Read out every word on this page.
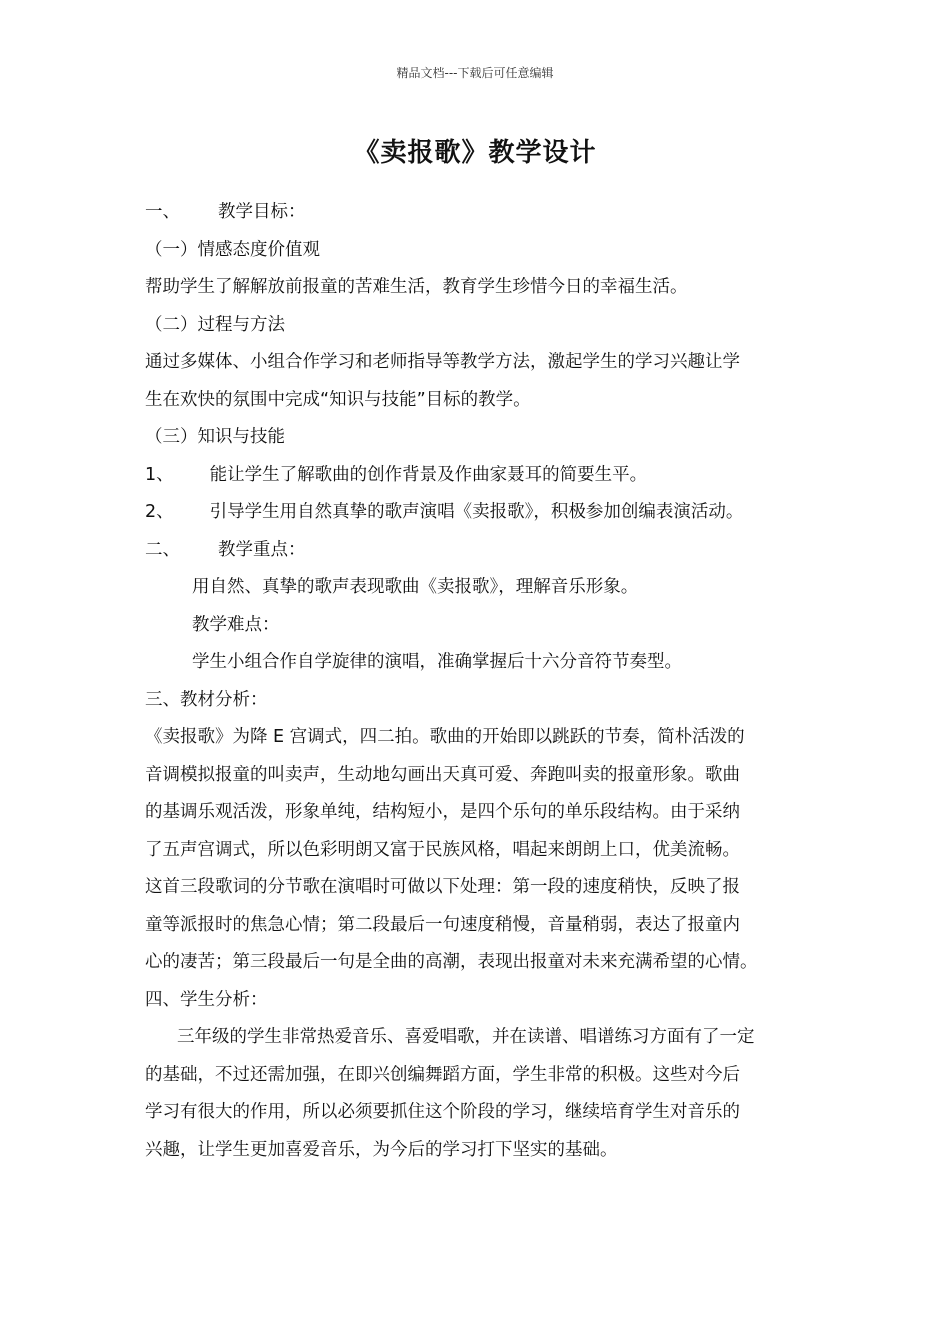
精品文档---下载后可任意编辑
《卖报歌》教学设计
一、 教学目标：
（一）情感态度价值观
帮助学生了解解放前报童的苦难生活，教育学生珍惜今日的幸福生活。
（二）过程与方法
通过多媒体、小组合作学习和老师指导等教学方法，激起学生的学习兴趣让学
生在欢快的氛围中完成“知识与技能”目标的教学。
（三）知识与技能
1、 能让学生了解歌曲的创作背景及作曲家聂耳的简要生平。
2、 引导学生用自然真挚的歌声演唱《卖报歌》，积极参加创编表演活动。
二、 教学重点：
用自然、真挚的歌声表现歌曲《卖报歌》，理解音乐形象。
教学难点：
学生小组合作自学旋律的演唱，准确掌握后十六分音符节奏型。
三、教材分析：
《卖报歌》为降 E 宫调式，四二拍。歌曲的开始即以跳跃的节奏，简朴活泼的
音调模拟报童的叫卖声，生动地勾画出天真可爱、奔跑叫卖的报童形象。歌曲
的基调乐观活泼，形象单纯，结构短小，是四个乐句的单乐段结构。由于采纳
了五声宫调式，所以色彩明朗又富于民族风格，唱起来朗朗上口，优美流畅。
这首三段歌词的分节歌在演唱时可做以下处理：第一段的速度稍快，反映了报
童等派报时的焦急心情；第二段最后一句速度稍慢，音量稍弱，表达了报童内
心的凄苦；第三段最后一句是全曲的高潮，表现出报童对未来充满希望的心情。
四、学生分析：
三年级的学生非常热爱音乐、喜爱唱歌，并在读谱、唱谱练习方面有了一定
的基础，不过还需加强，在即兴创编舞蹈方面，学生非常的积极。这些对今后
学习有很大的作用，所以必须要抓住这个阶段的学习，继续培育学生对音乐的
兴趣，让学生更加喜爱音乐，为今后的学习打下坚实的基础。
